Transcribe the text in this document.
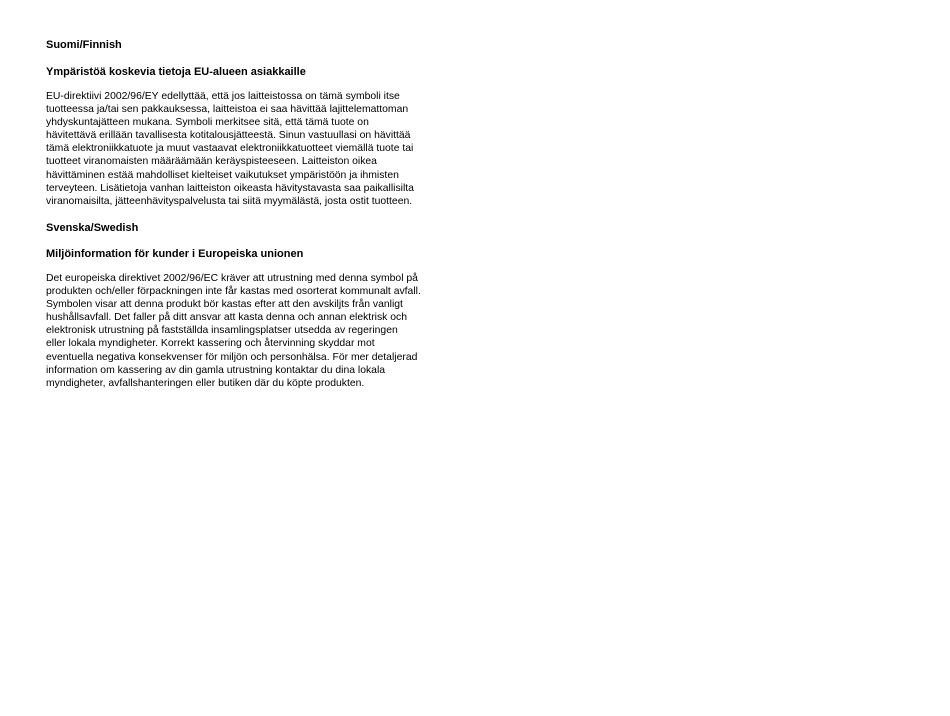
Suomi/Finnish

Ympäristöä koskevia tietoja EU-alueen asiakkaille

EU-direktiivi 2002/96/EY edellyttää, että jos laitteistossa on tämä symboli itse
tuotteessa ja/tai sen pakkauksessa, laitteistoa ei saa hävittää lajittelemattoman
yhdyskuntajätteen mukana. Symboli merkitsee sitä, että tämä tuote on
hävitettävä erillään tavallisesta kotitalousjätteestä. Sinun vastuullasi on hävittää
tämä elektroniikkatuote ja muut vastaavat elektroniikkatuotteet viemällä tuote tai
tuotteet viranomaisten määräämään keräyspisteeseen. Laitteiston oikea
hävittäminen estää mahdolliset kielteiset vaikutukset ympäristöön ja ihmisten
terveyteen. Lisätietoja vanhan laitteiston oikeasta hävitystavasta saa paikallisilta
viranomaisilta, jätteenhävityspalvelusta tai siitä myymälästä, josta ostit tuotteen.

Svenska/Swedish

Miljöinformation för kunder i Europeiska unionen

Det europeiska direktivet 2002/96/EC kräver att utrustning med denna symbol på
produkten och/eller förpackningen inte får kastas med osorterat kommunalt avfall.
Symbolen visar att denna produkt bör kastas efter att den avskiljts från vanligt
hushållsavfall. Det faller på ditt ansvar att kasta denna och annan elektrisk och
elektronisk utrustning på fastställda insamlingsplatser utsedda av regeringen
eller lokala myndigheter. Korrekt kassering och återvinning skyddar mot
eventuella negativa konsekvenser för miljön och personhälsa. För mer detaljerad
information om kassering av din gamla utrustning kontaktar du dina lokala
myndigheter, avfallshanteringen eller butiken där du köpte produkten.
